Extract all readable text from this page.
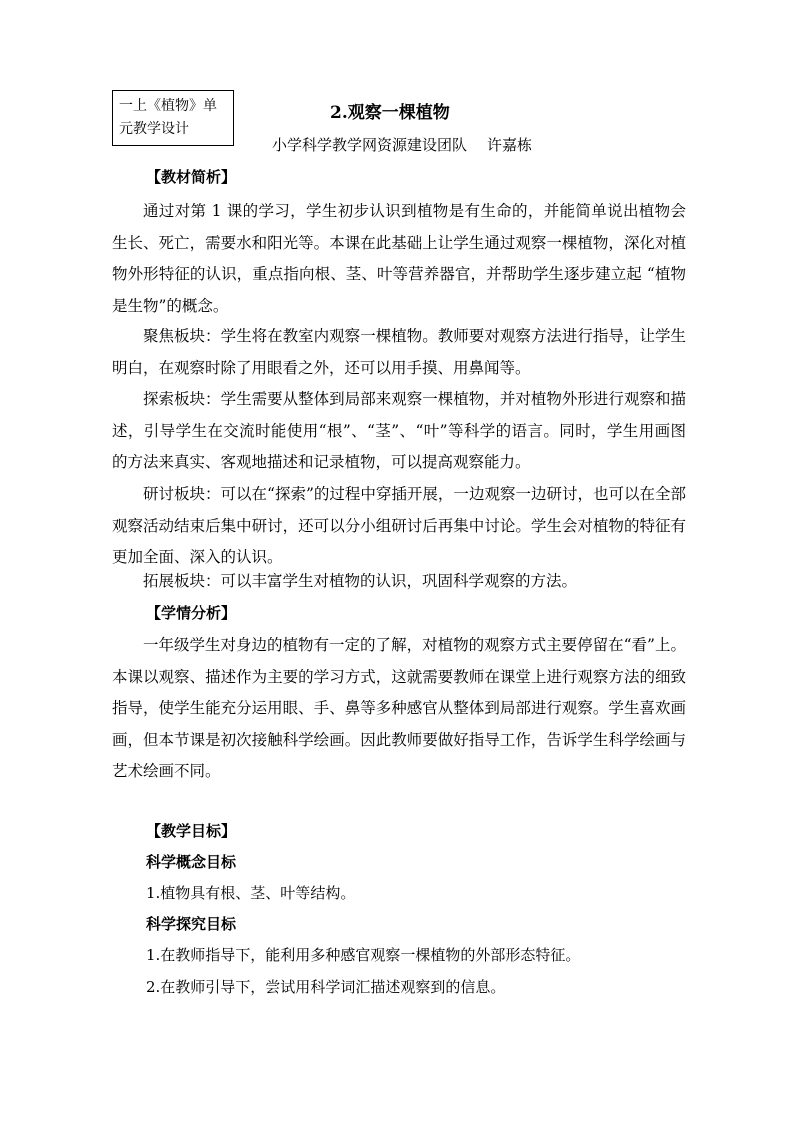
一上《植物》单元教学设计
2.观察一棵植物
小学科学教学网资源建设团队 许嘉栋
【教材简析】
通过对第 1 课的学习，学生初步认识到植物是有生命的，并能简单说出植物会生长、死亡，需要水和阳光等。本课在此基础上让学生通过观察一棵植物，深化对植物外形特征的认识，重点指向根、茎、叶等营养器官，并帮助学生逐步建立起 “植物是生物”的概念。
聚焦板块：学生将在教室内观察一棵植物。教师要对观察方法进行指导，让学生明白，在观察时除了用眼看之外，还可以用手摸、用鼻闻等。
探索板块：学生需要从整体到局部来观察一棵植物，并对植物外形进行观察和描述，引导学生在交流时能使用“根”、“茎”、“叶”等科学的语言。同时，学生用画图的方法来真实、客观地描述和记录植物，可以提高观察能力。
研讨板块：可以在“探索”的过程中穿插开展，一边观察一边研讨，也可以在全部观察活动结束后集中研讨，还可以分小组研讨后再集中讨论。学生会对植物的特征有更加全面、深入的认识。
拓展板块：可以丰富学生对植物的认识，巩固科学观察的方法。
【学情分析】
一年级学生对身边的植物有一定的了解，对植物的观察方式主要停留在“看”上。本课以观察、描述作为主要的学习方式，这就需要教师在课堂上进行观察方法的细致指导，使学生能充分运用眼、手、鼻等多种感官从整体到局部进行观察。学生喜欢画画，但本节课是初次接触科学绘画。因此教师要做好指导工作，告诉学生科学绘画与艺术绘画不同。
【教学目标】
科学概念目标
1.植物具有根、茎、叶等结构。
科学探究目标
1.在教师指导下，能利用多种感官观察一棵植物的外部形态特征。
2.在教师引导下，尝试用科学词汇描述观察到的信息。
